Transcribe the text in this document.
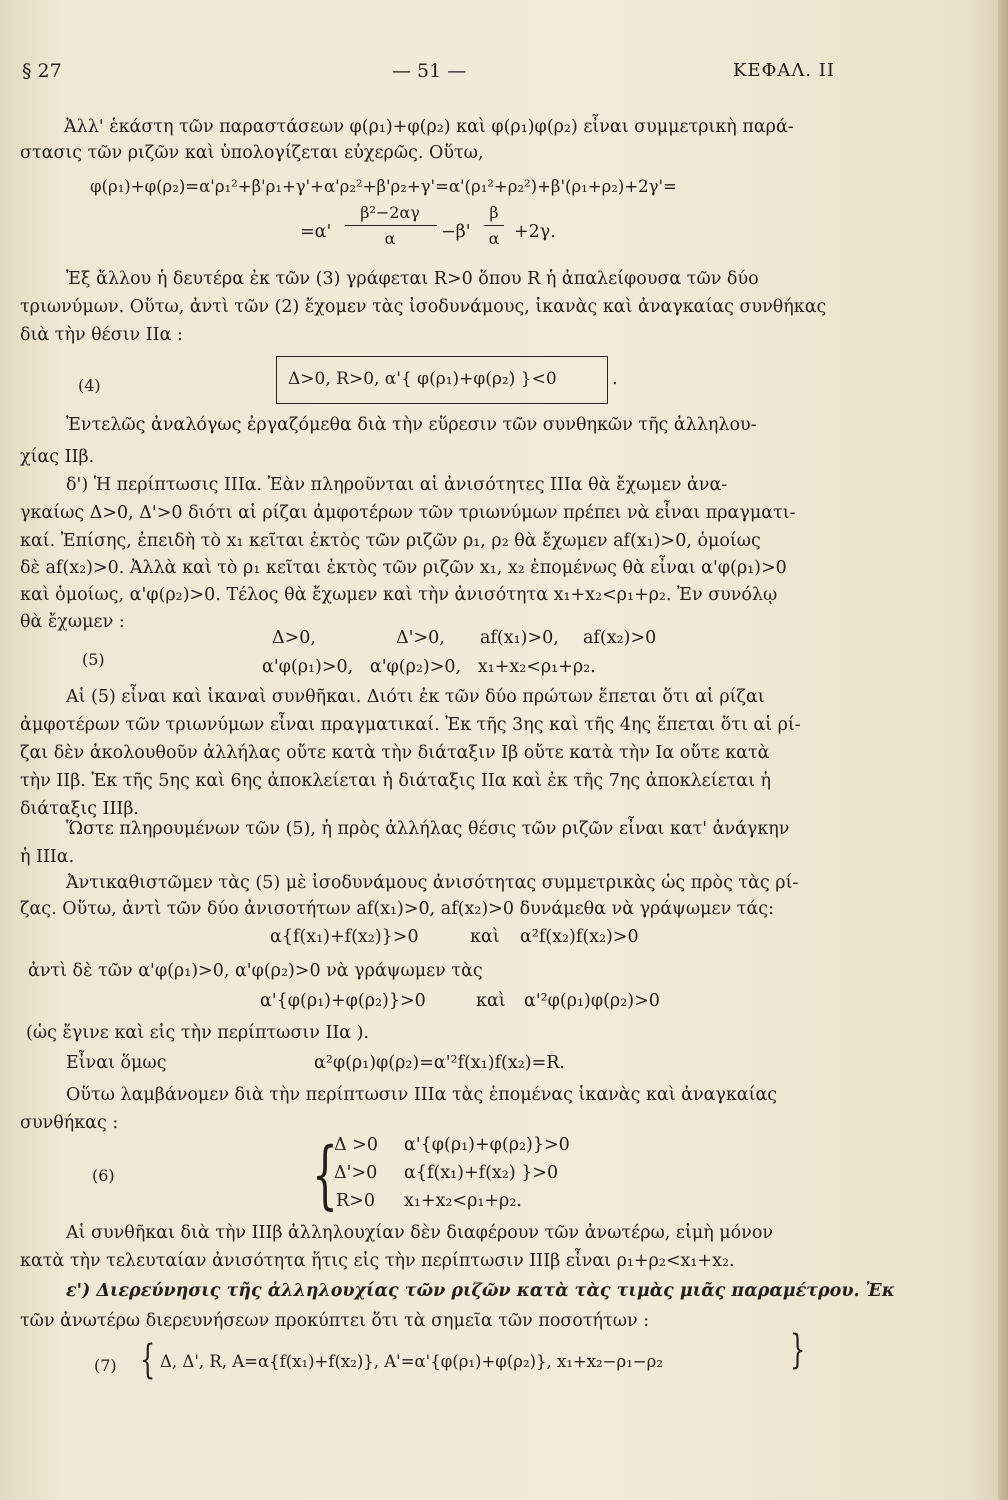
§ 27	— 51 —	ΚΕΦΑΛ. II
Ἀλλ' ἑκάστη τῶν παραστάσεων φ(ρ₁)+φ(ρ₂) καὶ φ(ρ₁)φ(ρ₂) εἶναι συμμετρικὴ παρά-
στασις τῶν ριζῶν καὶ ὑπολογίζεται εὐχερῶς. Οὕτω,
φ(ρ₁)+φ(ρ₂)=α'ρ₁²+β'ρ₁+γ'+α'ρ₂²+β'ρ₂+γ'=α'(ρ₁²+ρ₂²)+β'(ρ₁+ρ₂)+2γ'=
=α'
β²−2αγ
α	−β'
β
α +2γ.
Ἐξ ἄλλου ἡ δευτέρα ἐκ τῶν (3) γράφεται R>0 ὅπου R ἡ ἀπαλείφουσα τῶν δύο
τριωνύμων. Οὕτω, ἀντὶ τῶν (2) ἔχομεν τὰς ἰσοδυνάμους, ἱκανὰς καὶ ἀναγκαίας συνθήκας
διὰ τὴν θέσιν IIα :
(4)	Δ>0, R>0, α'{ φ(ρ₁)+φ(ρ₂) }<0	.
Ἐντελῶς ἀναλόγως ἐργαζόμεθα διὰ τὴν εὕρεσιν τῶν συνθηκῶν τῆς ἀλληλου-
χίας IIβ.
δ') Ἡ περίπτωσις IIIα. Ἐὰν πληροῦνται αἱ ἀνισότητες IIIα θὰ ἔχωμεν ἀνα-
γκαίως Δ>0, Δ'>0 διότι αἱ ρίζαι ἀμφοτέρων τῶν τριωνύμων πρέπει νὰ εἶναι πραγματι-
καί. Ἐπίσης, ἐπειδὴ τὸ x₁ κεῖται ἐκτὸς τῶν ριζῶν ρ₁, ρ₂ θὰ ἔχωμεν af(x₁)>0, ὁμοίως
δὲ af(x₂)>0. Ἀλλὰ καὶ τὸ ρ₁ κεῖται ἐκτὸς τῶν ριζῶν x₁, x₂ ἑπομένως θὰ εἶναι α'φ(ρ₁)>0
καὶ ὁμοίως, α'φ(ρ₂)>0. Τέλος θὰ ἔχωμεν καὶ τὴν ἀνισότητα x₁+x₂<ρ₁+ρ₂. Ἐν συνόλῳ
θὰ ἔχωμεν :
(5)
Δ>0,	Δ'>0, af(x₁)>0, af(x₂)>0
α'φ(ρ₁)>0,   α'φ(ρ₂)>0,   x₁+x₂<ρ₁+ρ₂.
Αἱ (5) εἶναι καὶ ἱκαναὶ συνθῆκαι. Διότι ἐκ τῶν δύο πρώτων ἕπεται ὅτι αἱ ρίζαι
ἀμφοτέρων τῶν τριωνύμων εἶναι πραγματικαί. Ἐκ τῆς 3ης καὶ τῆς 4ης ἕπεται ὅτι αἱ ρί-
ζαι δὲν ἀκολουθοῦν ἀλλήλας οὔτε κατὰ τὴν διάταξιν Iβ οὔτε κατὰ τὴν Iα οὔτε κατὰ
τὴν IIβ. Ἐκ τῆς 5ης καὶ 6ης ἀποκλείεται ἡ διάταξις IIα καὶ ἐκ τῆς 7ης ἀποκλείεται ἡ
διάταξις IIIβ.
Ὥστε πληρουμένων τῶν (5), ἡ πρὸς ἀλλήλας θέσις τῶν ριζῶν εἶναι κατ' ἀνάγκην
ἡ IIIα.
Ἀντικαθιστῶμεν τὰς (5) μὲ ἰσοδυνάμους ἀνισότητας συμμετρικὰς ὡς πρὸς τὰς ρί-
ζας. Οὕτω, ἀντὶ τῶν δύο ἀνισοτήτων af(x₁)>0, af(x₂)>0 δυνάμεθα νὰ γράψωμεν τάς:
α{f(x₁)+f(x₂)}>0	καὶ α²f(x₂)f(x₂)>0
ἀντὶ δὲ τῶν α'φ(ρ₁)>0, α'φ(ρ₂)>0 νὰ γράψωμεν τὰς
α'{φ(ρ₁)+φ(ρ₂)}>0	καὶ α'²φ(ρ₁)φ(ρ₂)>0
(ὡς ἔγινε καὶ εἰς τὴν περίπτωσιν IIα ).
Εἶναι ὅμως	α²φ(ρ₁)φ(ρ₂)=α'²f(x₁)f(x₂)=R.
Οὕτω λαμβάνομεν διὰ τὴν περίπτωσιν IIIα τὰς ἑπομένας ἱκανὰς καὶ ἀναγκαίας
συνθήκας :
(6)	{
Δ >0 α'{φ(ρ₁)+φ(ρ₂)}>0
Δ'>0 α{f(x₁)+f(x₂) }>0
R>0 x₁+x₂<ρ₁+ρ₂.
Αἱ συνθῆκαι διὰ τὴν IIIβ ἀλληλουχίαν δὲν διαφέρουν τῶν ἀνωτέρω, εἰμὴ μόνον
κατὰ τὴν τελευταίαν ἀνισότητα ἥτις εἰς τὴν περίπτωσιν IIIβ εἶναι ρ₁+ρ₂<x₁+x₂.
ε') Διερεύνησις τῆς ἀλληλουχίας τῶν ριζῶν κατὰ τὰς τιμὰς μιᾶς παραμέτρου. Ἐκ
τῶν ἀνωτέρω διερευνήσεων προκύπτει ὅτι τὰ σημεῖα τῶν ποσοτήτων :
(7) { Δ, Δ', R, A=α{f(x₁)+f(x₂)}, A'=α'{φ(ρ₁)+φ(ρ₂)}, x₁+x₂−ρ₁−ρ₂	}
